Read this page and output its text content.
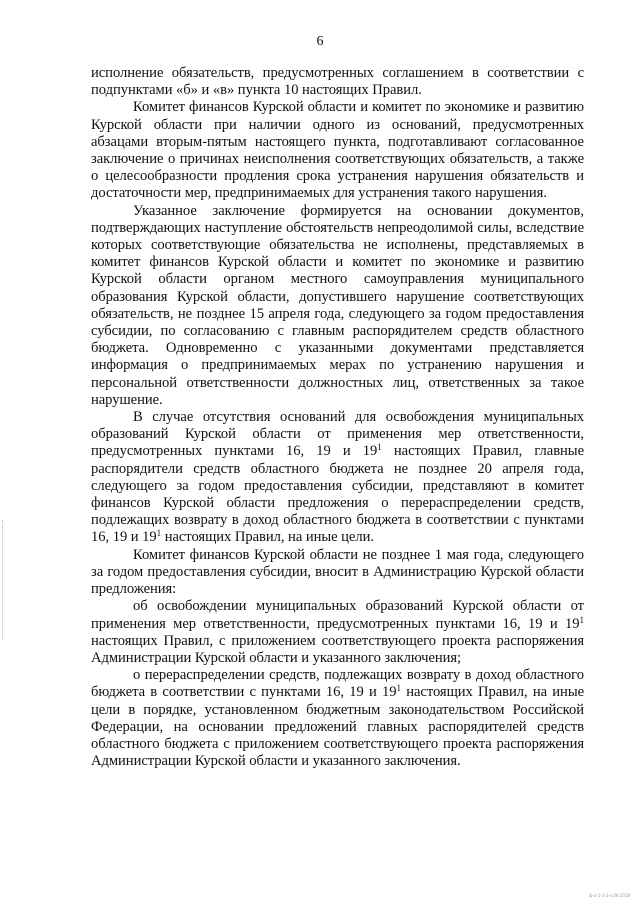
6

исполнение обязательств, предусмотренных соглашением в соответствии с подпунктами «б» и «в» пункта 10 настоящих Правил.

Комитет финансов Курской области и комитет по экономике и развитию Курской области при наличии одного из оснований, предусмотренных абзацами вторым-пятым настоящего пункта, подготавливают согласованное заключение о причинах неисполнения соответствующих обязательств, а также о целесообразности продления срока устранения нарушения обязательств и достаточности мер, предпринимаемых для устранения такого нарушения.

Указанное заключение формируется на основании документов, подтверждающих наступление обстоятельств непреодолимой силы, вследствие которых соответствующие обязательства не исполнены, представляемых в комитет финансов Курской области и комитет по экономике и развитию Курской области органом местного самоуправления муниципального образования Курской области, допустившего нарушение соответствующих обязательств, не позднее 15 апреля года, следующего за годом предоставления субсидии, по согласованию с главным распорядителем средств областного бюджета. Одновременно с указанными документами представляется информация о предпринимаемых мерах по устранению нарушения и персональной ответственности должностных лиц, ответственных за такое нарушение.

В случае отсутствия оснований для освобождения муниципальных образований Курской области от применения мер ответственности, предусмотренных пунктами 16, 19 и $19^1$ настоящих Правил, главные распорядители средств областного бюджета не позднее 20 апреля года, следующего за годом предоставления субсидии, представляют в комитет финансов Курской области предложения о перераспределении средств, подлежащих возврату в доход областного бюджета в соответствии с пунктами 16, 19 и $19^1$ настоящих Правил, на иные цели.

Комитет финансов Курской области не позднее 1 мая года, следующего за годом предоставления субсидии, вносит в Администрацию Курской области предложения:

об освобождении муниципальных образований Курской области от применения мер ответственности, предусмотренных пунктами 16, 19 и $19^1$ настоящих Правил, с приложением соответствующего проекта распоряжения Администрации Курской области и указанного заключения;

о перераспределении средств, подлежащих возврату в доход областного бюджета в соответствии с пунктами 16, 19 и $19^1$ настоящих Правил, на иные цели в порядке, установленном бюджетным законодательством Российской Федерации, на основании предложений главных распорядителей средств областного бюджета с приложением соответствующего проекта распоряжения Администрации Курской области и указанного заключения.

ф-л-1-1-2-с.06-2018
